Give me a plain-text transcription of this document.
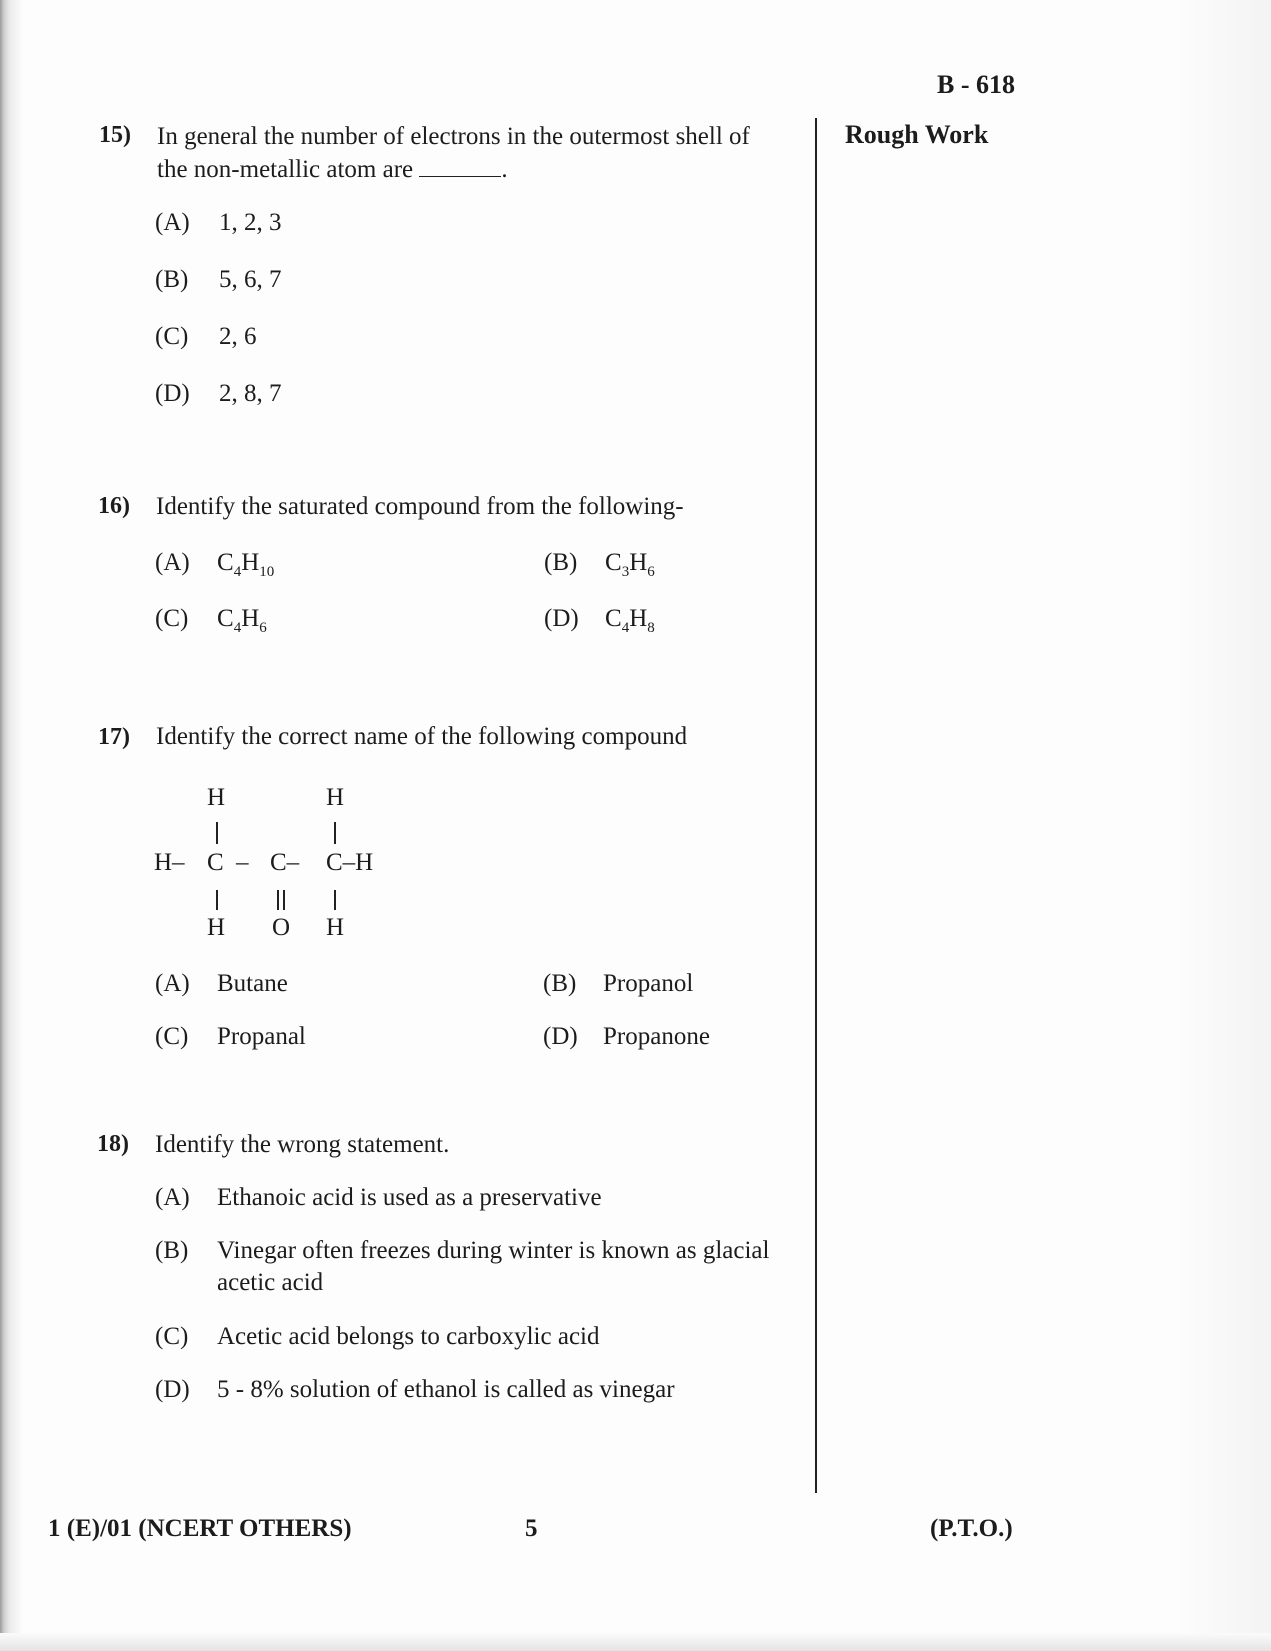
B - 618
Rough Work
15) In general the number of electrons in the outermost shell of
the non-metallic atom are	.
(A) 1, 2, 3
(B) 5, 6, 7
(C) 2, 6
(D) 2, 8, 7
16) Identify the saturated compound from the following-
(A) $C_4H_{10}$	(B) $C_3H_6$
(C) $C_4H_6$	(D) $C_4H_8$
17) Identify the correct name of the following compound
H	H
H– C – C– C–H
H O H
(A) Butane	(B) Propanol
(C) Propanal	(D) Propanone
18) Identify the wrong statement.
(A) Ethanoic acid is used as a preservative
(B) Vinegar often freezes during winter is known as glacial
acetic acid
(C) Acetic acid belongs to carboxylic acid
(D) 5 - 8% solution of ethanol is called as vinegar
1 (E)/01 (NCERT OTHERS)	5	(P.T.O.)
